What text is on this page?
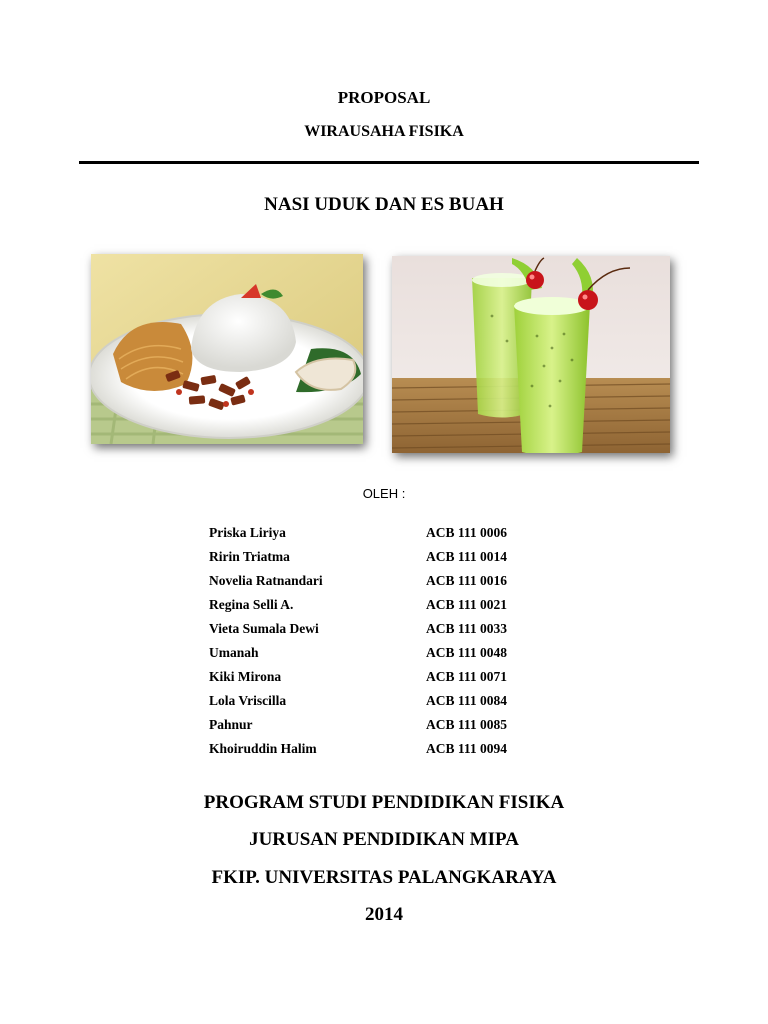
PROPOSAL
WIRAUSAHA FISIKA
NASI UDUK DAN ES BUAH
OLEH :
Priska Liriya	ACB 111 0006
Ririn Triatma	ACB 111 0014
Novelia Ratnandari	ACB 111 0016
Regina Selli A.	ACB 111 0021
Vieta Sumala Dewi	ACB 111 0033
Umanah	ACB 111 0048
Kiki Mirona	ACB 111 0071
Lola Vriscilla	ACB 111 0084
Pahnur	ACB 111 0085
Khoiruddin Halim	ACB 111 0094
PROGRAM STUDI PENDIDIKAN FISIKA
JURUSAN PENDIDIKAN MIPA
FKIP. UNIVERSITAS PALANGKARAYA
2014
